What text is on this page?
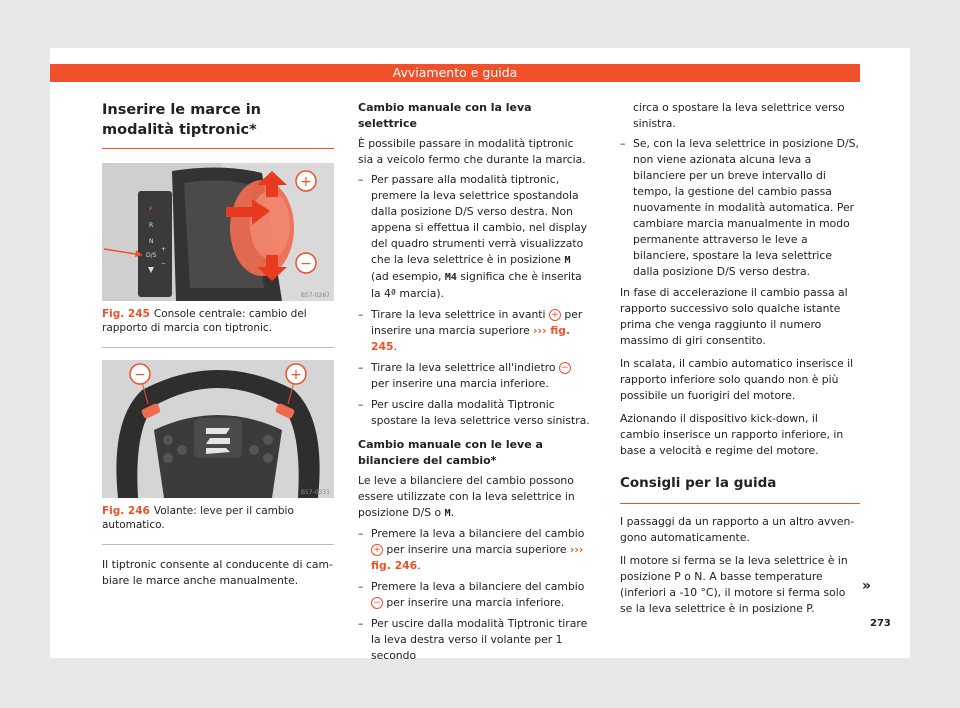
Avviamento e guida
Inserire le marce in modalità tiptronic*
P
R
N
D/S
+
−
+
−
B57-0267
Fig. 245 Console centrale: cambio del rapporto di marcia con tiptronic.
−	+
B57-0331
Fig. 246 Volante: leve per il cambio automatico.

Il tiptronic consente al conducente di cambiare le marce anche manualmente.

Cambio manuale con la leva selettrice

È possibile passare in modalità tiptronic sia a veicolo fermo che durante la marcia.

– Per passare alla modalità tiptronic, premere la leva selettrice spostandola dalla posizione D/S verso destra. Non appena si effettua il cambio, nel display del quadro strumenti verrà visualizzato che la leva selettrice è in posizione M (ad esempio, M4 significa che è inserita la 4ª marcia).
– Tirare la leva selettrice in avanti + per inserire una marcia superiore ››› fig. 245.
– Tirare la leva selettrice all'indietro − per inserire una marcia inferiore.
– Per uscire dalla modalità Tiptronic spostare la leva selettrice verso sinistra.
Cambio manuale con le leve a bilanciere del cambio*

Le leve a bilanciere del cambio possono essere utilizzate con la leva selettrice in posizione D/S o M.

– Premere la leva a bilanciere del cambio + per inserire una marcia superiore ››› fig. 246.
– Premere la leva a bilanciere del cambio − per inserire una marcia inferiore.
– Per uscire dalla modalità Tiptronic tirare la leva destra verso il volante per 1 secondo

circa o spostare la leva selettrice verso sinistra.

– Se, con la leva selettrice in posizione D/S, non viene azionata alcuna leva a bilanciere per un breve intervallo di tempo, la gestione del cambio passa nuovamente in modalità automatica. Per cambiare marcia manualmente in modo permanente attraverso le leve a bilanciere, spostare la leva selettrice dalla posizione D/S verso destra.

In fase di accelerazione il cambio passa al rapporto successivo solo qualche istante prima che venga raggiunto il numero massimo di giri consentito.

In scalata, il cambio automatico inserisce il rapporto inferiore solo quando non è più possibile un fuorigiri del motore.

Azionando il dispositivo kick-down, il cambio inserisce un rapporto inferiore, in base a velocità e regime del motore.

Consigli per la guida

I passaggi da un rapporto a un altro avvengono automaticamente.

Il motore si ferma se la leva selettrice è in posizione P o N. A basse temperature (inferiori a -10 °C), il motore si ferma solo se la leva selettrice è in posizione P.

»
273
